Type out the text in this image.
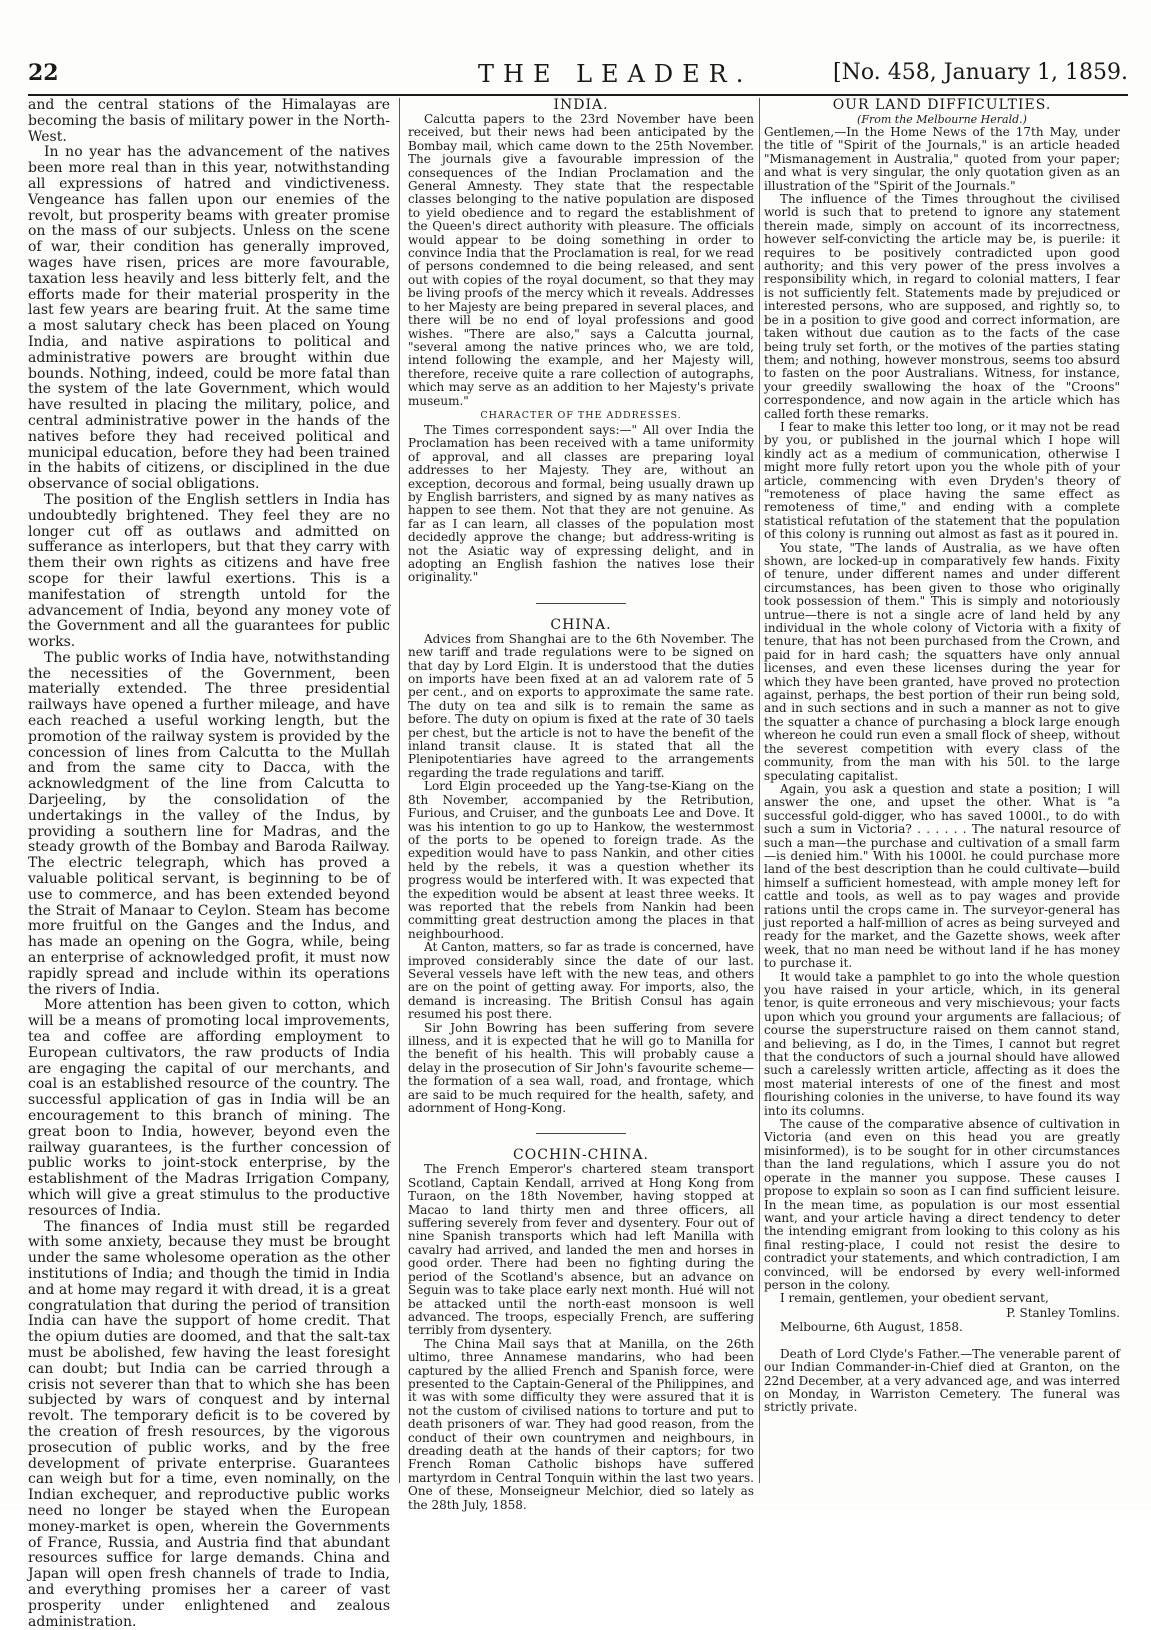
22	THE LEADER.	[No. 458, January 1, 1859.

and the central stations of the Himalayas are becoming the basis of military power in the North-West.

In no year has the advancement of the natives been more real than in this year, notwithstanding all expressions of hatred and vindictiveness. Vengeance has fallen upon our enemies of the revolt, but prosperity beams with greater promise on the mass of our subjects. Unless on the scene of war, their condition has generally improved, wages have risen, prices are more favourable, taxation less heavily and less bitterly felt, and the efforts made for their material prosperity in the last few years are bearing fruit. At the same time a most salutary check has been placed on Young India, and native aspirations to political and administrative powers are brought within due bounds. Nothing, indeed, could be more fatal than the system of the late Government, which would have resulted in placing the military, police, and central administrative power in the hands of the natives before they had received political and municipal education, before they had been trained in the habits of citizens, or disciplined in the due observance of social obligations.

The position of the English settlers in India has undoubtedly brightened. They feel they are no longer cut off as outlaws and admitted on sufferance as interlopers, but that they carry with them their own rights as citizens and have free scope for their lawful exertions. This is a manifestation of strength untold for the advancement of India, beyond any money vote of the Government and all the guarantees for public works.

The public works of India have, notwithstanding the necessities of the Government, been materially extended. The three presidential railways have opened a further mileage, and have each reached a useful working length, but the promotion of the railway system is provided by the concession of lines from Calcutta to the Mullah and from the same city to Dacca, with the acknowledgment of the line from Calcutta to Darjeeling, by the consolidation of the undertakings in the valley of the Indus, by providing a southern line for Madras, and the steady growth of the Bombay and Baroda Railway. The electric telegraph, which has proved a valuable political servant, is beginning to be of use to commerce, and has been extended beyond the Strait of Manaar to Ceylon. Steam has become more fruitful on the Ganges and the Indus, and has made an opening on the Gogra, while, being an enterprise of acknowledged profit, it must now rapidly spread and include within its operations the rivers of India.

More attention has been given to cotton, which will be a means of promoting local improvements, tea and coffee are affording employment to European cultivators, the raw products of India are engaging the capital of our merchants, and coal is an established resource of the country. The successful application of gas in India will be an encouragement to this branch of mining. The great boon to India, however, beyond even the railway guarantees, is the further concession of public works to joint-stock enterprise, by the establishment of the Madras Irrigation Company, which will give a great stimulus to the productive resources of India.

The finances of India must still be regarded with some anxiety, because they must be brought under the same wholesome operation as the other institutions of India; and though the timid in India and at home may regard it with dread, it is a great congratulation that during the period of transition India can have the support of home credit. That the opium duties are doomed, and that the salt-tax must be abolished, few having the least foresight can doubt; but India can be carried through a crisis not severer than that to which she has been subjected by wars of conquest and by internal revolt. The temporary deficit is to be covered by the creation of fresh resources, by the vigorous prosecution of public works, and by the free development of private enterprise. Guarantees can weigh but for a time, even nominally, on the Indian exchequer, and reproductive public works need no longer be stayed when the European money-market is open, wherein the Governments of France, Russia, and Austria find that abundant resources suffice for large demands. China and Japan will open fresh channels of trade to India, and everything promises her a career of vast prosperity under enlightened and zealous administration.

INDIA.

Calcutta papers to the 23rd November have been received, but their news had been anticipated by the Bombay mail, which came down to the 25th November. The journals give a favourable impression of the consequences of the Indian Proclamation and the General Amnesty. They state that the respectable classes belonging to the native population are disposed to yield obedience and to regard the establishment of the Queen's direct authority with pleasure. The officials would appear to be doing something in order to convince India that the Proclamation is real, for we read of persons condemned to die being released, and sent out with copies of the royal document, so that they may be living proofs of the mercy which it reveals. Addresses to her Majesty are being prepared in several places, and there will be no end of loyal professions and good wishes. "There are also," says a Calcutta journal, "several among the native princes who, we are told, intend following the example, and her Majesty will, therefore, receive quite a rare collection of autographs, which may serve as an addition to her Majesty's private museum."

CHARACTER OF THE ADDRESSES.

The Times correspondent says:—" All over India the Proclamation has been received with a tame uniformity of approval, and all classes are preparing loyal addresses to her Majesty. They are, without an exception, decorous and formal, being usually drawn up by English barristers, and signed by as many natives as happen to see them. Not that they are not genuine. As far as I can learn, all classes of the population most decidedly approve the change; but address-writing is not the Asiatic way of expressing delight, and in adopting an English fashion the natives lose their originality."

CHINA.

Advices from Shanghai are to the 6th November. The new tariff and trade regulations were to be signed on that day by Lord Elgin. It is understood that the duties on imports have been fixed at an ad valorem rate of 5 per cent., and on exports to approximate the same rate. The duty on tea and silk is to remain the same as before. The duty on opium is fixed at the rate of 30 taels per chest, but the article is not to have the benefit of the inland transit clause. It is stated that all the Plenipotentiaries have agreed to the arrangements regarding the trade regulations and tariff.

Lord Elgin proceeded up the Yang-tse-Kiang on the 8th November, accompanied by the Retribution, Furious, and Cruiser, and the gunboats Lee and Dove. It was his intention to go up to Hankow, the westernmost of the ports to be opened to foreign trade. As the expedition would have to pass Nankin, and other cities held by the rebels, it was a question whether its progress would be interfered with. It was expected that the expedition would be absent at least three weeks. It was reported that the rebels from Nankin had been committing great destruction among the places in that neighbourhood.

At Canton, matters, so far as trade is concerned, have improved considerably since the date of our last. Several vessels have left with the new teas, and others are on the point of getting away. For imports, also, the demand is increasing. The British Consul has again resumed his post there.

Sir John Bowring has been suffering from severe illness, and it is expected that he will go to Manilla for the benefit of his health. This will probably cause a delay in the prosecution of Sir John's favourite scheme—the formation of a sea wall, road, and frontage, which are said to be much required for the health, safety, and adornment of Hong-Kong.

COCHIN-CHINA.

The French Emperor's chartered steam transport Scotland, Captain Kendall, arrived at Hong Kong from Turaon, on the 18th November, having stopped at Macao to land thirty men and three officers, all suffering severely from fever and dysentery. Four out of nine Spanish transports which had left Manilla with cavalry had arrived, and landed the men and horses in good order. There had been no fighting during the period of the Scotland's absence, but an advance on Seguin was to take place early next month. Hué will not be attacked until the north-east monsoon is well advanced. The troops, especially French, are suffering terribly from dysentery.

The China Mail says that at Manilla, on the 26th ultimo, three Annamese mandarins, who had been captured by the allied French and Spanish force, were presented to the Captain-General of the Philippines, and it was with some difficulty they were assured that it is not the custom of civilised nations to torture and put to death prisoners of war. They had good reason, from the conduct of their own countrymen and neighbours, in dreading death at the hands of their captors; for two French Roman Catholic bishops have suffered martyrdom in Central Tonquin within the last two years. One of these, Monseigneur Melchior, died so lately as the 28th July, 1858.

OUR LAND DIFFICULTIES.
(From the Melbourne Herald.)

Gentlemen,—In the Home News of the 17th May, under the title of "Spirit of the Journals," is an article headed "Mismanagement in Australia," quoted from your paper; and what is very singular, the only quotation given as an illustration of the "Spirit of the Journals."

The influence of the Times throughout the civilised world is such that to pretend to ignore any statement therein made, simply on account of its incorrectness, however self-convicting the article may be, is puerile: it requires to be positively contradicted upon good authority; and this very power of the press involves a responsibility which, in regard to colonial matters, I fear is not sufficiently felt. Statements made by prejudiced or interested persons, who are supposed, and rightly so, to be in a position to give good and correct information, are taken without due caution as to the facts of the case being truly set forth, or the motives of the parties stating them; and nothing, however monstrous, seems too absurd to fasten on the poor Australians. Witness, for instance, your greedily swallowing the hoax of the "Croons" correspondence, and now again in the article which has called forth these remarks.

I fear to make this letter too long, or it may not be read by you, or published in the journal which I hope will kindly act as a medium of communication, otherwise I might more fully retort upon you the whole pith of your article, commencing with even Dryden's theory of "remoteness of place having the same effect as remoteness of time," and ending with a complete statistical refutation of the statement that the population of this colony is running out almost as fast as it poured in.

You state, "The lands of Australia, as we have often shown, are locked-up in comparatively few hands. Fixity of tenure, under different names and under different circumstances, has been given to those who originally took possession of them." This is simply and notoriously untrue—there is not a single acre of land held by any individual in the whole colony of Victoria with a fixity of tenure, that has not been purchased from the Crown, and paid for in hard cash; the squatters have only annual licenses, and even these licenses during the year for which they have been granted, have proved no protection against, perhaps, the best portion of their run being sold, and in such sections and in such a manner as not to give the squatter a chance of purchasing a block large enough whereon he could run even a small flock of sheep, without the severest competition with every class of the community, from the man with his 50l. to the large speculating capitalist.

Again, you ask a question and state a position; I will answer the one, and upset the other. What is "a successful gold-digger, who has saved 1000l., to do with such a sum in Victoria? . . . . . . The natural resource of such a man—the purchase and cultivation of a small farm—is denied him." With his 1000l. he could purchase more land of the best description than he could cultivate—build himself a sufficient homestead, with ample money left for cattle and tools, as well as to pay wages and provide rations until the crops came in. The surveyor-general has just reported a half-million of acres as being surveyed and ready for the market, and the Gazette shows, week after week, that no man need be without land if he has money to purchase it.

It would take a pamphlet to go into the whole question you have raised in your article, which, in its general tenor, is quite erroneous and very mischievous; your facts upon which you ground your arguments are fallacious; of course the superstructure raised on them cannot stand, and believing, as I do, in the Times, I cannot but regret that the conductors of such a journal should have allowed such a carelessly written article, affecting as it does the most material interests of one of the finest and most flourishing colonies in the universe, to have found its way into its columns.

The cause of the comparative absence of cultivation in Victoria (and even on this head you are greatly misinformed), is to be sought for in other circumstances than the land regulations, which I assure you do not operate in the manner you suppose. These causes I propose to explain so soon as I can find sufficient leisure. In the mean time, as population is our most essential want, and your article having a direct tendency to deter the intending emigrant from looking to this colony as his final resting-place, I could not resist the desire to contradict your statements, and which contradiction, I am convinced, will be endorsed by every well-informed person in the colony.

I remain, gentlemen, your obedient servant,

P. Stanley Tomlins.
Melbourne, 6th August, 1858.

Death of Lord Clyde's Father.—The venerable parent of our Indian Commander-in-Chief died at Granton, on the 22nd December, at a very advanced age, and was interred on Monday, in Warriston Cemetery. The funeral was strictly private.
